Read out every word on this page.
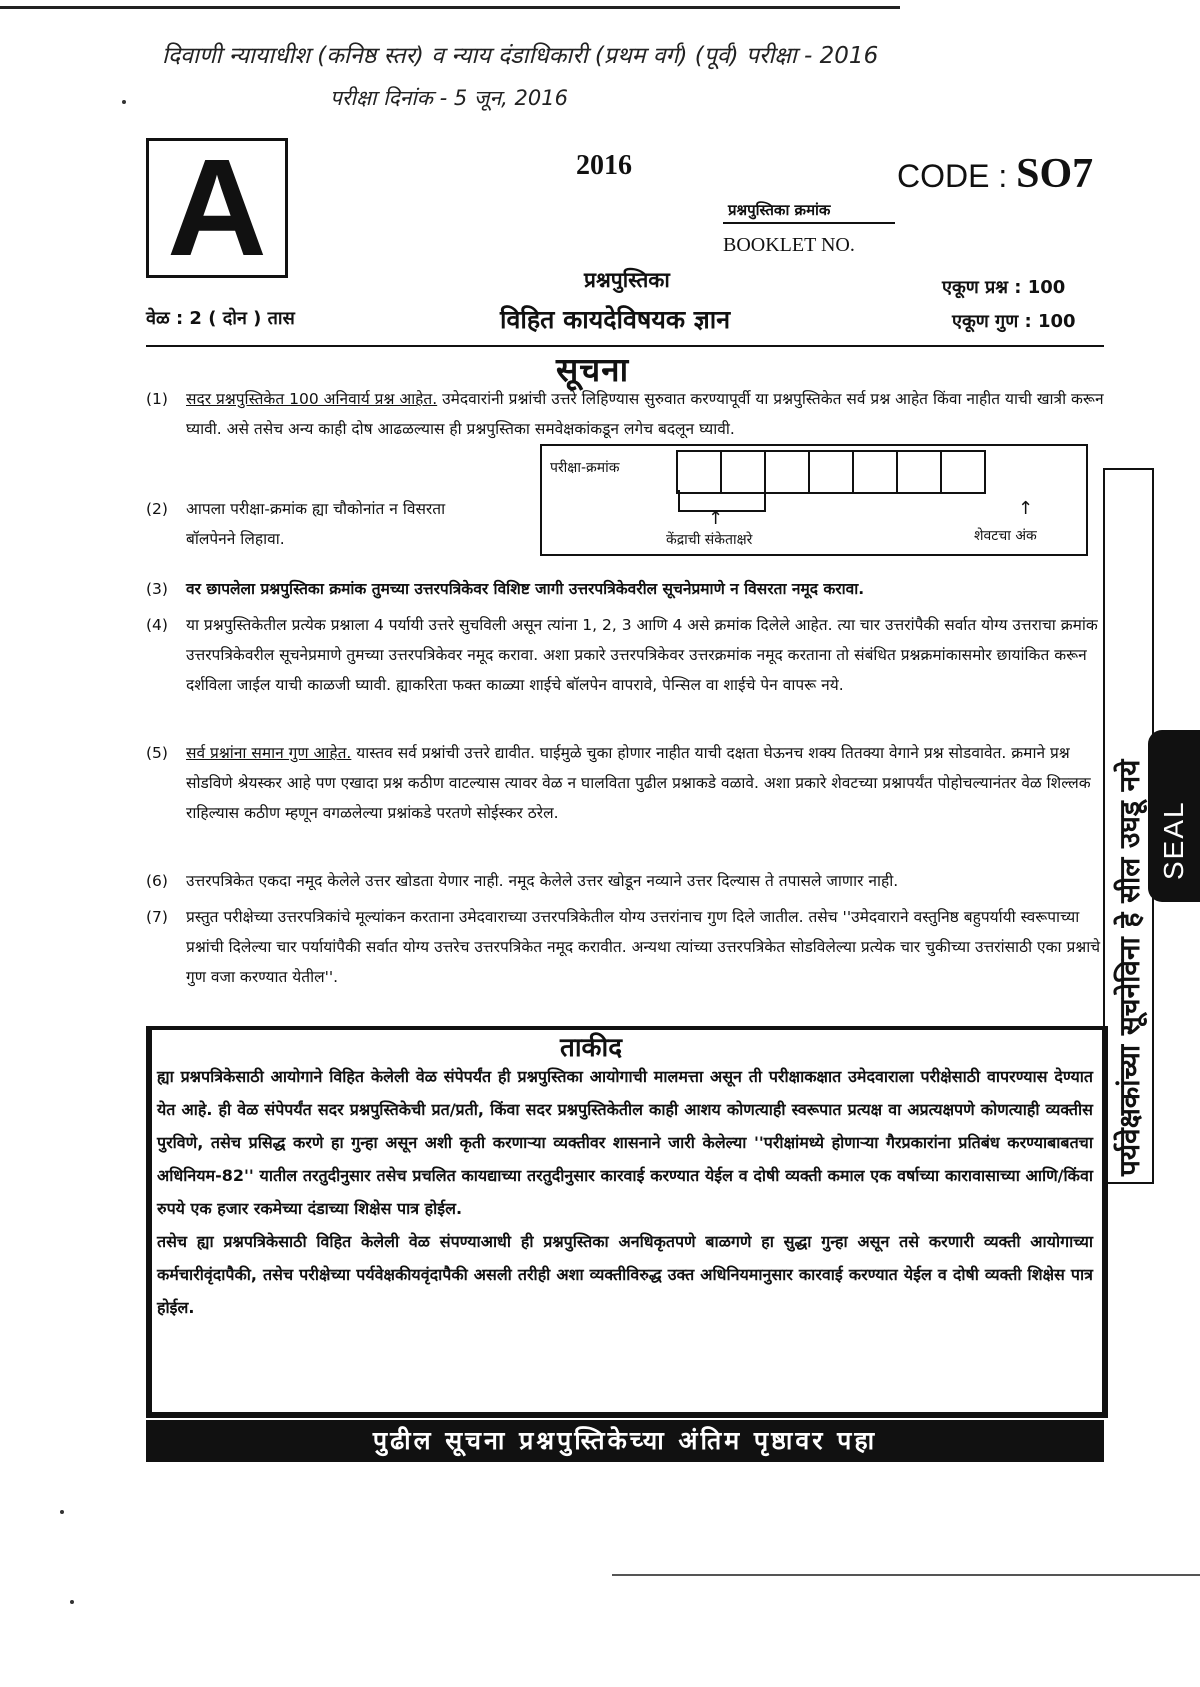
दिवाणी न्यायाधीश (कनिष्ठ स्तर) व न्याय दंडाधिकारी (प्रथम वर्ग) (पूर्व) परीक्षा - 2016
परीक्षा दिनांक - 5 जून, 2016
A	2016	CODE : SO7
प्रश्नपुस्तिका क्रमांक
BOOKLET NO.
प्रश्नपुस्तिका	एकूण प्रश्न : 100
वेळ : 2 ( दोन ) तास	विहित कायदेविषयक ज्ञान	एकूण गुण : 100
सूचना
(1) सदर प्रश्नपुस्तिकेत 100 अनिवार्य प्रश्न आहेत. उमेदवारांनी प्रश्नांची उत्तरे लिहिण्यास सुरुवात करण्यापूर्वी या प्रश्नपुस्तिकेत सर्व प्रश्न आहेत किंवा नाहीत याची खात्री करून घ्यावी. असे तसेच अन्य काही दोष आढळल्यास ही प्रश्नपुस्तिका समवेक्षकांकडून लगेच बदलून घ्यावी.
परीक्षा-क्रमांक
↑	↑
केंद्राची संकेताक्षरे	शेवटचा अंक
(2) आपला परीक्षा-क्रमांक ह्या चौकोनांत न विसरता बॉलपेनने लिहावा.
(3) वर छापलेला प्रश्नपुस्तिका क्रमांक तुमच्या उत्तरपत्रिकेवर विशिष्ट जागी उत्तरपत्रिकेवरील सूचनेप्रमाणे न विसरता नमूद करावा.
(4) या प्रश्नपुस्तिकेतील प्रत्येक प्रश्नाला 4 पर्यायी उत्तरे सुचविली असून त्यांना 1, 2, 3 आणि 4 असे क्रमांक दिलेले आहेत. त्या चार उत्तरांपैकी सर्वात योग्य उत्तराचा क्रमांक उत्तरपत्रिकेवरील सूचनेप्रमाणे तुमच्या उत्तरपत्रिकेवर नमूद करावा. अशा प्रकारे उत्तरपत्रिकेवर उत्तरक्रमांक नमूद करताना तो संबंधित प्रश्नक्रमांकासमोर छायांकित करून दर्शविला जाईल याची काळजी घ्यावी. ह्याकरिता फक्त काळ्या शाईचे बॉलपेन वापरावे, पेन्सिल वा शाईचे पेन वापरू नये.
(5) सर्व प्रश्नांना समान गुण आहेत. यास्तव सर्व प्रश्नांची उत्तरे द्यावीत. घाईमुळे चुका होणार नाहीत याची दक्षता घेऊनच शक्य तितक्या वेगाने प्रश्न सोडवावेत. क्रमाने प्रश्न सोडविणे श्रेयस्कर आहे पण एखादा प्रश्न कठीण वाटल्यास त्यावर वेळ न घालविता पुढील प्रश्नाकडे वळावे. अशा प्रकारे शेवटच्या प्रश्नापर्यंत पोहोचल्यानंतर वेळ शिल्लक राहिल्यास कठीण म्हणून वगळलेल्या प्रश्नांकडे परतणे सोईस्कर ठरेल.
(6) उत्तरपत्रिकेत एकदा नमूद केलेले उत्तर खोडता येणार नाही. नमूद केलेले उत्तर खोडून नव्याने उत्तर दिल्यास ते तपासले जाणार नाही.
(7) प्रस्तुत परीक्षेच्या उत्तरपत्रिकांचे मूल्यांकन करताना उमेदवाराच्या उत्तरपत्रिकेतील योग्य उत्तरांनाच गुण दिले जातील. तसेच ''उमेदवाराने वस्तुनिष्ठ बहुपर्यायी स्वरूपाच्या प्रश्नांची दिलेल्या चार पर्यायांपैकी सर्वात योग्य उत्तरेच उत्तरपत्रिकेत नमूद करावीत. अन्यथा त्यांच्या उत्तरपत्रिकेत सोडविलेल्या प्रत्येक चार चुकीच्या उत्तरांसाठी एका प्रश्नाचे गुण वजा करण्यात येतील''.
ताकीद
ह्या प्रश्नपत्रिकेसाठी आयोगाने विहित केलेली वेळ संपेपर्यंत ही प्रश्नपुस्तिका आयोगाची मालमत्ता असून ती परीक्षाकक्षात उमेदवाराला परीक्षेसाठी वापरण्यास देण्यात येत आहे. ही वेळ संपेपर्यंत सदर प्रश्नपुस्तिकेची प्रत/प्रती, किंवा सदर प्रश्नपुस्तिकेतील काही आशय कोणत्याही स्वरूपात प्रत्यक्ष वा अप्रत्यक्षपणे कोणत्याही व्यक्तीस पुरविणे, तसेच प्रसिद्ध करणे हा गुन्हा असून अशी कृती करणाऱ्या व्यक्तीवर शासनाने जारी केलेल्या ''परीक्षांमध्ये होणाऱ्या गैरप्रकारांना प्रतिबंध करण्याबाबतचा अधिनियम-82'' यातील तरतुदीनुसार तसेच प्रचलित कायद्याच्या तरतुदीनुसार कारवाई करण्यात येईल व दोषी व्यक्ती कमाल एक वर्षाच्या कारावासाच्या आणि/किंवा रुपये एक हजार रकमेच्या दंडाच्या शिक्षेस पात्र होईल.
तसेच ह्या प्रश्नपत्रिकेसाठी विहित केलेली वेळ संपण्याआधी ही प्रश्नपुस्तिका अनधिकृतपणे बाळगणे हा सुद्धा गुन्हा असून तसे करणारी व्यक्ती आयोगाच्या कर्मचारीवृंदापैकी, तसेच परीक्षेच्या पर्यवेक्षकीयवृंदापैकी असली तरीही अशा व्यक्तीविरुद्ध उक्त अधिनियमानुसार कारवाई करण्यात येईल व दोषी व्यक्ती शिक्षेस पात्र होईल.
पुढील सूचना प्रश्नपुस्तिकेच्या अंतिम पृष्ठावर पहा
पर्यवेक्षकांच्या सूचनेविना हे सील उघडू नये SEAL
